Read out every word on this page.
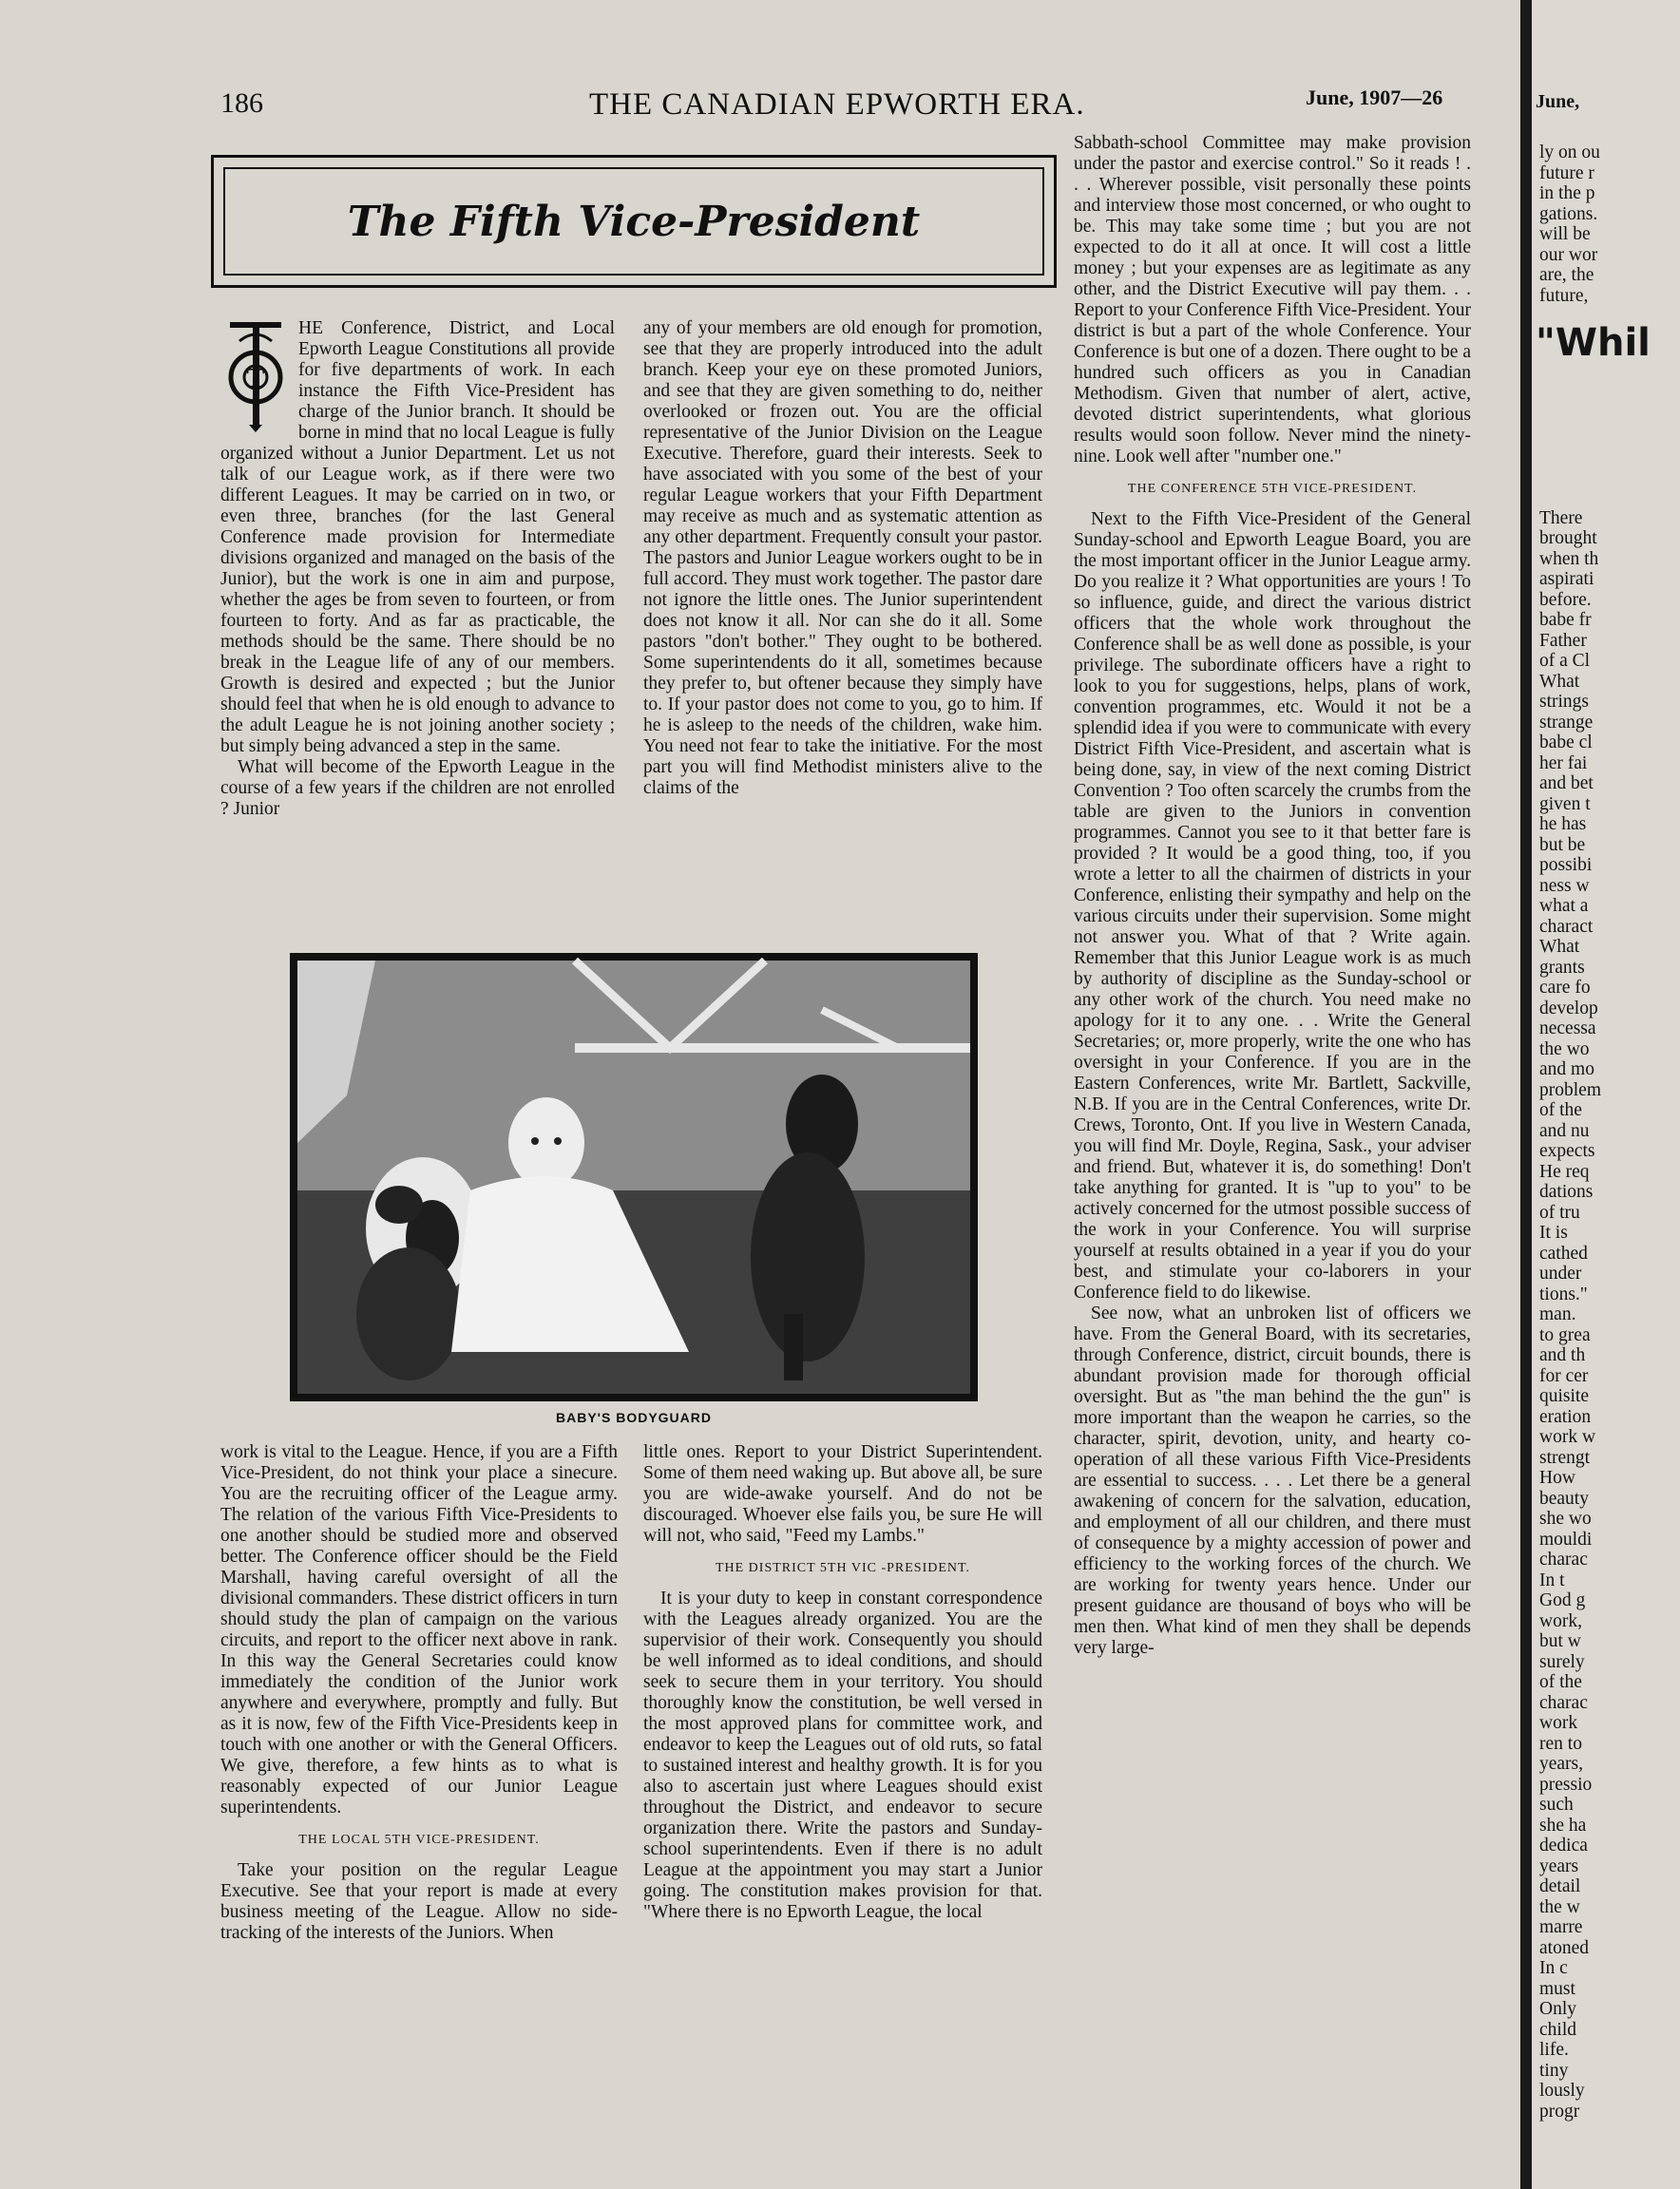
186	THE CANADIAN EPWORTH ERA.	June, 1907—26
The Fifth Vice-President
T

HE Conference, District, and Local Epworth League Constitutions all provide for five departments of work. In each instance the Fifth Vice-President has charge of the Junior branch. It should be borne in mind that no local League is fully organized without a Junior Department. Let us not talk of our League work, as if there were two different Leagues. It may be carried on in two, or even three, branches (for the last General Conference made provision for Intermediate divisions organized and managed on the basis of the Junior), but the work is one in aim and purpose, whether the ages be from seven to fourteen, or from fourteen to forty. And as far as practicable, the methods should be the same. There should be no break in the League life of any of our members. Growth is desired and expected ; but the Junior should feel that when he is old enough to advance to the adult League he is not joining another society ; but simply being advanced a step in the same.

What will become of the Epworth League in the course of a few years if the children are not enrolled ? Junior

any of your members are old enough for promotion, see that they are properly introduced into the adult branch. Keep your eye on these promoted Juniors, and see that they are given something to do, neither overlooked or frozen out. You are the official representative of the Junior Division on the League Executive. Therefore, guard their interests. Seek to have associated with you some of the best of your regular League workers that your Fifth Department may receive as much and as systematic attention as any other department. Frequently consult your pastor. The pastors and Junior League workers ought to be in full accord. They must work together. The pastor dare not ignore the little ones. The Junior superintendent does not know it all. Nor can she do it all. Some pastors "don't bother." They ought to be bothered. Some superintendents do it all, sometimes because they prefer to, but oftener because they simply have to. If your pastor does not come to you, go to him. If he is asleep to the needs of the children, wake him. You need not fear to take the initiative. For the most part you will find Methodist ministers alive to the claims of the

Sabbath-school Committee may make provision under the pastor and exercise control." So it reads ! . . . Wherever possible, visit personally these points and interview those most concerned, or who ought to be. This may take some time ; but you are not expected to do it all at once. It will cost a little money ; but your expenses are as legitimate as any other, and the District Executive will pay them. . . Report to your Conference Fifth Vice-President. Your district is but a part of the whole Conference. Your Conference is but one of a dozen. There ought to be a hundred such officers as you in Canadian Methodism. Given that number of alert, active, devoted district superintendents, what glorious results would soon follow. Never mind the ninety-nine. Look well after "number one."

THE CONFERENCE 5TH VICE-PRESIDENT.

Next to the Fifth Vice-President of the General Sunday-school and Epworth League Board, you are the most important officer in the Junior League army. Do you realize it ? What opportunities are yours ! To so influence, guide, and direct the various district officers that the whole work throughout the Conference shall be as well done as possible, is your privilege. The subordinate officers have a right to look to you for suggestions, helps, plans of work, convention programmes, etc. Would it not be a splendid idea if you were to communicate with every District Fifth Vice-President, and ascertain what is being done, say, in view of the next coming District Convention ? Too often scarcely the crumbs from the table are given to the Juniors in convention programmes. Cannot you see to it that better fare is provided ? It would be a good thing, too, if you wrote a letter to all the chairmen of districts in your Conference, enlisting their sympathy and help on the various circuits under their supervision. Some might not answer you. What of that ? Write again. Remember that this Junior League work is as much by authority of discipline as the Sunday-school or any other work of the church. You need make no apology for it to any one. . . Write the General Secretaries; or, more properly, write the one who has oversight in your Conference. If you are in the Eastern Conferences, write Mr. Bartlett, Sackville, N.B. If you are in the Central Conferences, write Dr. Crews, Toronto, Ont. If you live in Western Canada, you will find Mr. Doyle, Regina, Sask., your adviser and friend. But, whatever it is, do something! Don't take anything for granted. It is "up to you" to be actively concerned for the utmost possible success of the work in your Conference. You will surprise yourself at results obtained in a year if you do your best, and stimulate your co-laborers in your Conference field to do likewise.

See now, what an unbroken list of officers we have. From the General Board, with its secretaries, through Conference, district, circuit bounds, there is abundant provision made for thorough official oversight. But as "the man behind the the gun" is more important than the weapon he carries, so the character, spirit, devotion, unity, and hearty co-operation of all these various Fifth Vice-Presidents are essential to success. . . . Let there be a general awakening of concern for the salvation, education, and employment of all our children, and there must of consequence by a mighty accession of power and efficiency to the working forces of the church. We are working for twenty years hence. Under our present guidance are thousand of boys who will be men then. What kind of men they shall be depends very large-

BABY'S BODYGUARD

work is vital to the League. Hence, if you are a Fifth Vice-President, do not think your place a sinecure. You are the recruiting officer of the League army. The relation of the various Fifth Vice-Presidents to one another should be studied more and observed better. The Conference officer should be the Field Marshall, having careful oversight of all the divisional commanders. These district officers in turn should study the plan of campaign on the various circuits, and report to the officer next above in rank. In this way the General Secretaries could know immediately the condition of the Junior work anywhere and everywhere, promptly and fully. But as it is now, few of the Fifth Vice-Presidents keep in touch with one another or with the General Officers. We give, therefore, a few hints as to what is reasonably expected of our Junior League superintendents.

THE LOCAL 5TH VICE-PRESIDENT.

Take your position on the regular League Executive. See that your report is made at every business meeting of the League. Allow no side-tracking of the interests of the Juniors. When

little ones. Report to your District Superintendent. Some of them need waking up. But above all, be sure you are wide-awake yourself. And do not be discouraged. Whoever else fails you, be sure He will will not, who said, "Feed my Lambs."

THE DISTRICT 5TH VIC -PRESIDENT.

It is your duty to keep in constant correspondence with the Leagues already organized. You are the supervisior of their work. Consequently you should be well informed as to ideal conditions, and should seek to secure them in your territory. You should thoroughly know the constitution, be well versed in the most approved plans for committee work, and endeavor to keep the Leagues out of old ruts, so fatal to sustained interest and healthy growth. It is for you also to ascertain just where Leagues should exist throughout the District, and endeavor to secure organization there. Write the pastors and Sunday-school superintendents. Even if there is no adult League at the appointment you may start a Junior going. The constitution makes provision for that. "Where there is no Epworth League, the local

June,
"Whil
ly on ou
future r
in the p
gations.
will be
our wor
are, the
future,
There
brought
when th
aspirati
before.
babe fr
Father
of a Cl
What
strings
strange
babe cl
her fai
and bet
given t
he has
but be
possibi
ness w
what a
charact
What
grants
care fo
develop
necessa
the wo
and mo
problem
of the
and nu
expects
He req
dations
of tru
It is
cathed
under
tions."
man.
to grea
and th
for cer
quisite
eration
work w
strengt
How
beauty
she wo
mouldi
charac
In t
God g
work,
but w
surely
of the
charac
work
ren to
years,
pressio
such
she ha
dedica
years
detail
the w
marre
atoned
In c
must
Only
child
life.
tiny
lously
progr
